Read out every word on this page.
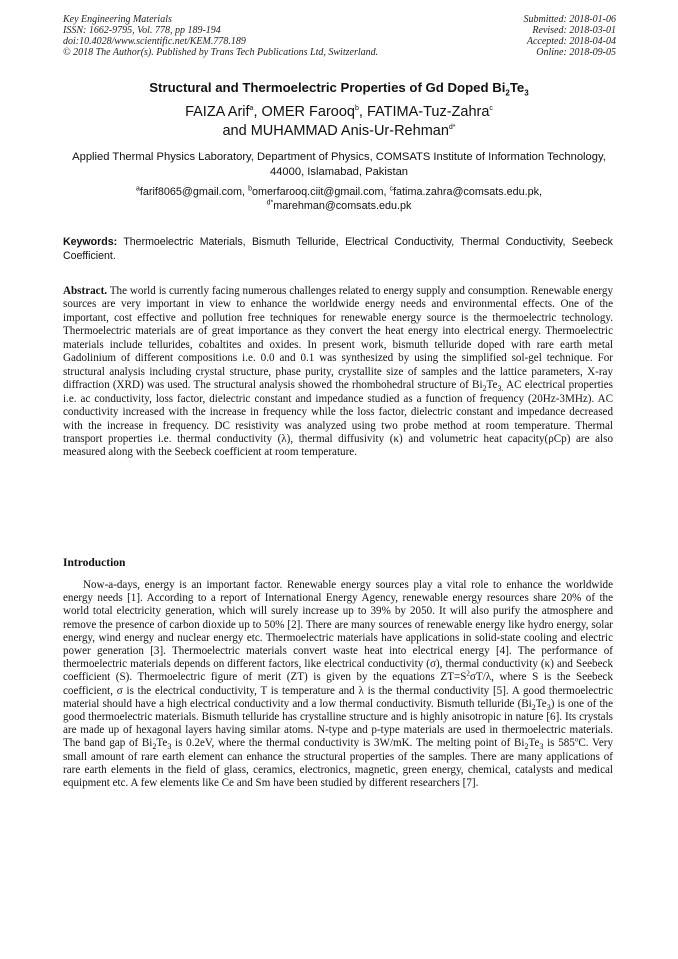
Key Engineering Materials
ISSN: 1662-9795, Vol. 778, pp 189-194
doi:10.4028/www.scientific.net/KEM.778.189
© 2018 The Author(s). Published by Trans Tech Publications Ltd, Switzerland.
Submitted: 2018-01-06
Revised: 2018-03-01
Accepted: 2018-04-04
Online: 2018-09-05
Structural and Thermoelectric Properties of Gd Doped $Bi_2Te_3$
FAIZA Arif$^a$, OMER Farooq$^b$, FATIMA-Tuz-Zahra$^c$
and MUHAMMAD Anis-Ur-Rehman$^{d*}$
Applied Thermal Physics Laboratory, Department of Physics, COMSATS Institute of Information Technology, 44000, Islamabad, Pakistan
$^a$farif8065@gmail.com, $^b$omerfarooq.ciit@gmail.com, $^c$fatima.zahra@comsats.edu.pk,
$^{d*}$marehman@comsats.edu.pk
Keywords: Thermoelectric Materials, Bismuth Telluride, Electrical Conductivity, Thermal Conductivity, Seebeck Coefficient.
Abstract. The world is currently facing numerous challenges related to energy supply and consumption. Renewable energy sources are very important in view to enhance the worldwide energy needs and environmental effects. One of the important, cost effective and pollution free techniques for renewable energy source is the thermoelectric technology. Thermoelectric materials are of great importance as they convert the heat energy into electrical energy. Thermoelectric materials include tellurides, cobaltites and oxides. In present work, bismuth telluride doped with rare earth metal Gadolinium of different compositions i.e. 0.0 and 0.1 was synthesized by using the simplified sol-gel technique. For structural analysis including crystal structure, phase purity, crystallite size of samples and the lattice parameters, X-ray diffraction (XRD) was used. The structural analysis showed the rhombohedral structure of $Bi_2Te_{3.}$ AC electrical properties i.e. ac conductivity, loss factor, dielectric constant and impedance studied as a function of frequency (20Hz-3MHz). AC conductivity increased with the increase in frequency while the loss factor, dielectric constant and impedance decreased with the increase in frequency. DC resistivity was analyzed using two probe method at room temperature. Thermal transport properties i.e. thermal conductivity (λ), thermal diffusivity (κ) and volumetric heat capacity(ρCp) are also measured along with the Seebeck coefficient at room temperature.
Introduction
Now-a-days, energy is an important factor. Renewable energy sources play a vital role to enhance the worldwide energy needs [1]. According to a report of International Energy Agency, renewable energy resources share 20% of the world total electricity generation, which will surely increase up to 39% by 2050. It will also purify the atmosphere and remove the presence of carbon dioxide up to 50% [2]. There are many sources of renewable energy like hydro energy, solar energy, wind energy and nuclear energy etc. Thermoelectric materials have applications in solid-state cooling and electric power generation [3]. Thermoelectric materials convert waste heat into electrical energy [4]. The performance of thermoelectric materials depends on different factors, like electrical conductivity (σ), thermal conductivity (κ) and Seebeck coefficient (S). Thermoelectric figure of merit (ZT) is given by the equations $ZT=S^2\sigma T/\lambda$, where S is the Seebeck coefficient, σ is the electrical conductivity, T is temperature and λ is the thermal conductivity [5]. A good thermoelectric material should have a high electrical conductivity and a low thermal conductivity. Bismuth telluride $(Bi_2Te_3)$ is one of the good thermoelectric materials. Bismuth telluride has crystalline structure and is highly anisotropic in nature [6]. Its crystals are made up of hexagonal layers having similar atoms. N-type and p-type materials are used in thermoelectric materials. The band gap of $Bi_2Te_3$ is 0.2eV, where the thermal conductivity is 3W/mK. The melting point of $Bi_2Te_3$ is 585$^o$C. Very small amount of rare earth element can enhance the structural properties of the samples. There are many applications of rare earth elements in the field of glass, ceramics, electronics, magnetic, green energy, chemical, catalysts and medical equipment etc. A few elements like Ce and Sm have been studied by different researchers [7].
